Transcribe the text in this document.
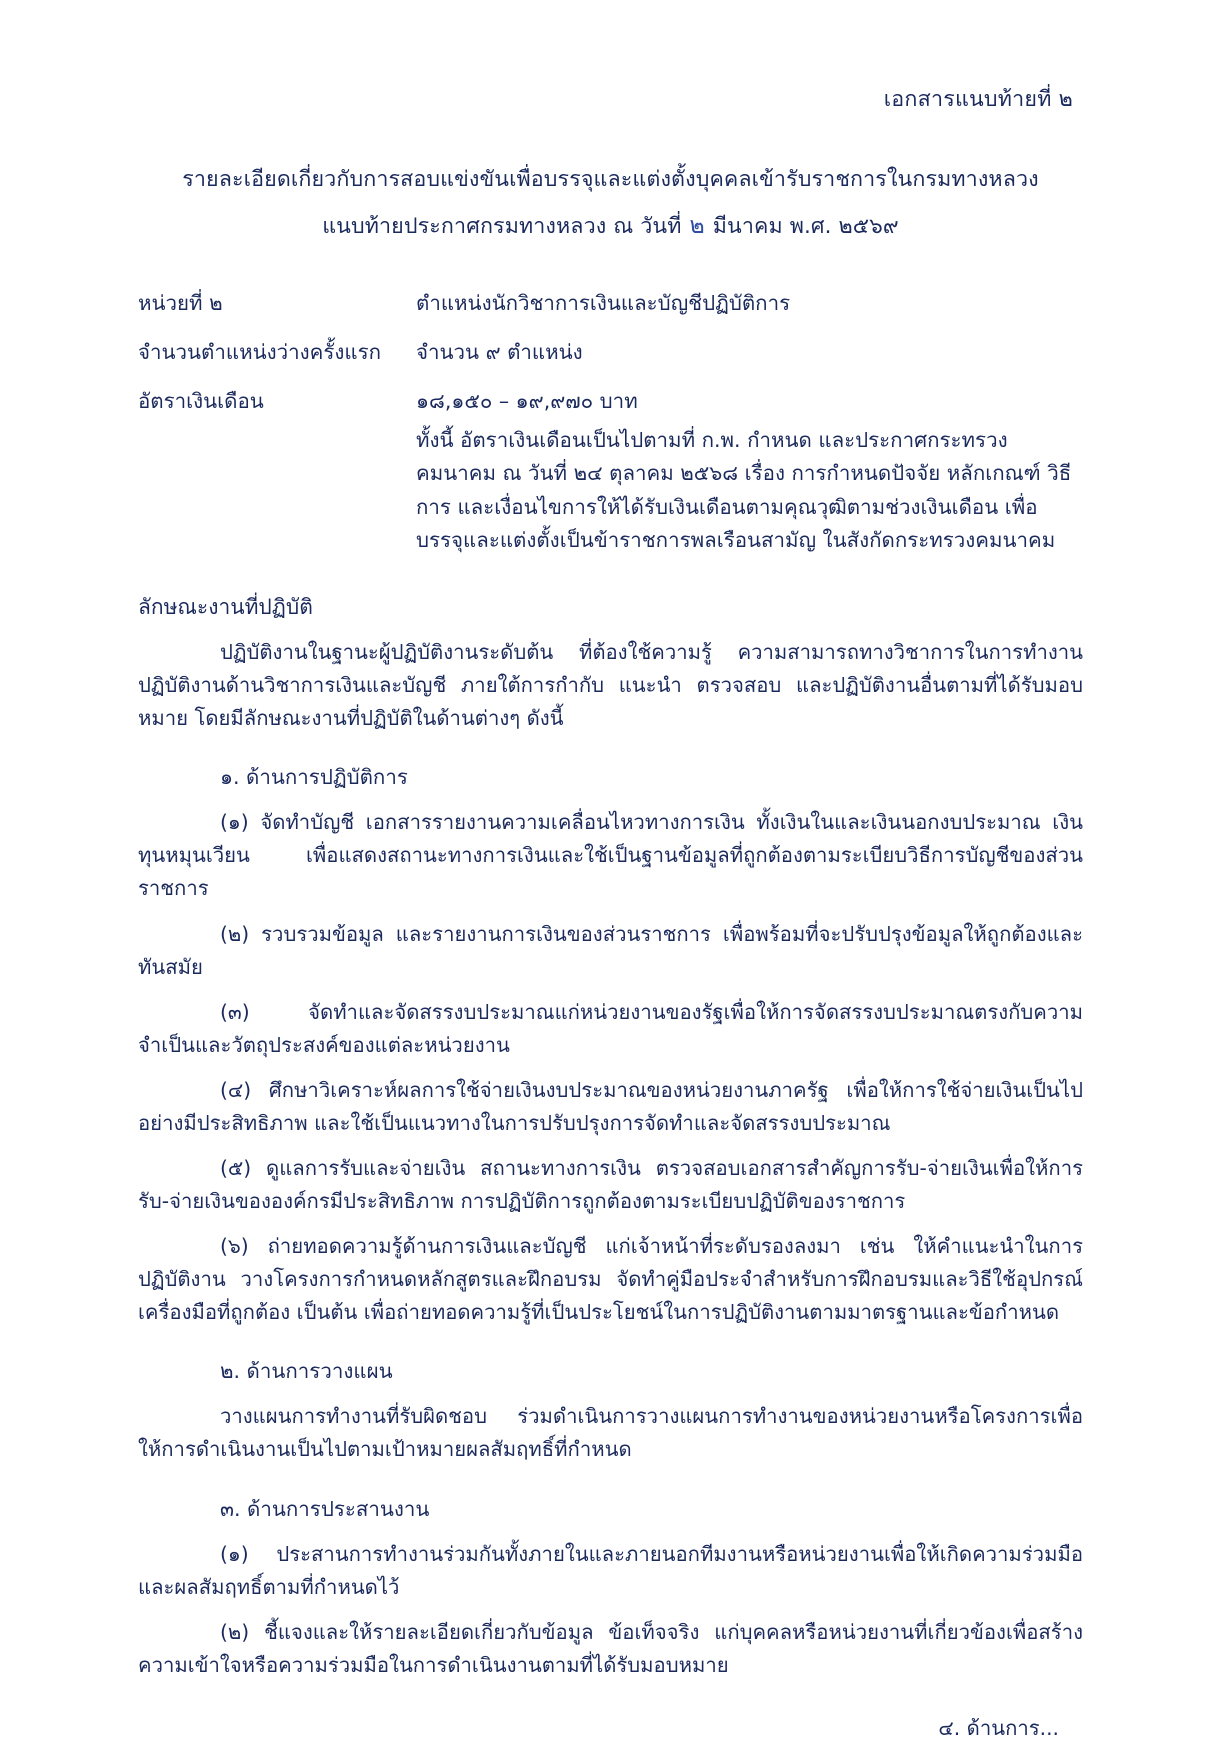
เอกสารแนบท้ายที่ ๒
รายละเอียดเกี่ยวกับการสอบแข่งขันเพื่อบรรจุและแต่งตั้งบุคคลเข้ารับราชการในกรมทางหลวง
แนบท้ายประกาศกรมทางหลวง ณ วันที่ ๒ มีนาคม พ.ศ. ๒๕๖๙
หน่วยที่ ๒	ตำแหน่งนักวิชาการเงินและบัญชีปฏิบัติการ
จำนวนตำแหน่งว่างครั้งแรก	จำนวน ๙ ตำแหน่ง
อัตราเงินเดือน	๑๘,๑๕๐ – ๑๙,๙๗๐ บาท
ทั้งนี้ อัตราเงินเดือนเป็นไปตามที่ ก.พ. กำหนด และประกาศกระทรวงคมนาคม ณ วันที่ ๒๔ ตุลาคม ๒๕๖๘ เรื่อง การกำหนดปัจจัย หลักเกณฑ์ วิธีการ และเงื่อนไขการให้ได้รับเงินเดือนตามคุณวุฒิตามช่วงเงินเดือน เพื่อบรรจุและแต่งตั้งเป็นข้าราชการพลเรือนสามัญ ในสังกัดกระทรวงคมนาคม
ลักษณะงานที่ปฏิบัติ
ปฏิบัติงานในฐานะผู้ปฏิบัติงานระดับต้น ที่ต้องใช้ความรู้ ความสามารถทางวิชาการในการทำงาน ปฏิบัติงานด้านวิชาการเงินและบัญชี ภายใต้การกำกับ แนะนำ ตรวจสอบ และปฏิบัติงานอื่นตามที่ได้รับมอบหมาย โดยมีลักษณะงานที่ปฏิบัติในด้านต่างๆ ดังนี้
๑. ด้านการปฏิบัติการ
(๑) จัดทำบัญชี เอกสารรายงานความเคลื่อนไหวทางการเงิน ทั้งเงินในและเงินนอกงบประมาณ เงินทุนหมุนเวียน เพื่อแสดงสถานะทางการเงินและใช้เป็นฐานข้อมูลที่ถูกต้องตามระเบียบวิธีการบัญชีของส่วนราชการ
(๒) รวบรวมข้อมูล และรายงานการเงินของส่วนราชการ เพื่อพร้อมที่จะปรับปรุงข้อมูลให้ถูกต้องและทันสมัย
(๓) จัดทำและจัดสรรงบประมาณแก่หน่วยงานของรัฐเพื่อให้การจัดสรรงบประมาณตรงกับความจำเป็นและวัตถุประสงค์ของแต่ละหน่วยงาน
(๔) ศึกษาวิเคราะห์ผลการใช้จ่ายเงินงบประมาณของหน่วยงานภาครัฐ เพื่อให้การใช้จ่ายเงินเป็นไปอย่างมีประสิทธิภาพ และใช้เป็นแนวทางในการปรับปรุงการจัดทำและจัดสรรงบประมาณ
(๕) ดูแลการรับและจ่ายเงิน สถานะทางการเงิน ตรวจสอบเอกสารสำคัญการรับ-จ่ายเงินเพื่อให้การรับ-จ่ายเงินขององค์กรมีประสิทธิภาพ การปฏิบัติการถูกต้องตามระเบียบปฏิบัติของราชการ
(๖) ถ่ายทอดความรู้ด้านการเงินและบัญชี แก่เจ้าหน้าที่ระดับรองลงมา เช่น ให้คำแนะนำในการปฏิบัติงาน วางโครงการกำหนดหลักสูตรและฝึกอบรม จัดทำคู่มือประจำสำหรับการฝึกอบรมและวิธีใช้อุปกรณ์เครื่องมือที่ถูกต้อง เป็นต้น เพื่อถ่ายทอดความรู้ที่เป็นประโยชน์ในการปฏิบัติงานตามมาตรฐานและข้อกำหนด
๒. ด้านการวางแผน
วางแผนการทำงานที่รับผิดชอบ ร่วมดำเนินการวางแผนการทำงานของหน่วยงานหรือโครงการเพื่อให้การดำเนินงานเป็นไปตามเป้าหมายผลสัมฤทธิ์ที่กำหนด
๓. ด้านการประสานงาน
(๑) ประสานการทำงานร่วมกันทั้งภายในและภายนอกทีมงานหรือหน่วยงานเพื่อให้เกิดความร่วมมือและผลสัมฤทธิ์ตามที่กำหนดไว้
(๒) ชี้แจงและให้รายละเอียดเกี่ยวกับข้อมูล ข้อเท็จจริง แก่บุคคลหรือหน่วยงานที่เกี่ยวข้องเพื่อสร้างความเข้าใจหรือความร่วมมือในการดำเนินงานตามที่ได้รับมอบหมาย
๔. ด้านการ...
